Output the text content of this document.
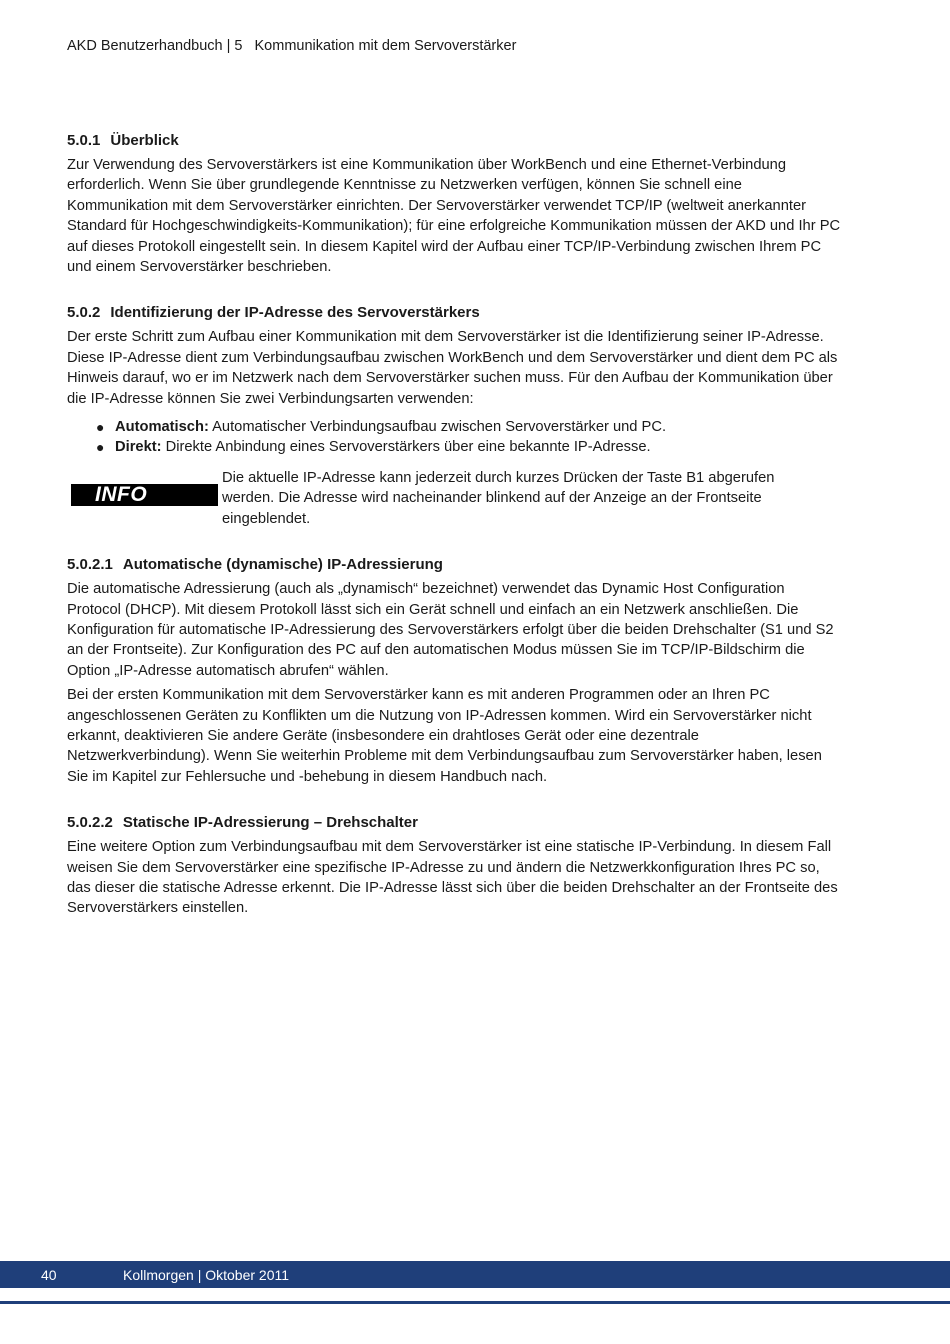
AKD Benutzerhandbuch | 5   Kommunikation mit dem Servoverstärker
5.0.1 Überblick

Zur Verwendung des Servoverstärkers ist eine Kommunikation über WorkBench und eine Ethernet-Verbindung erforderlich. Wenn Sie über grundlegende Kenntnisse zu Netzwerken verfügen, können Sie schnell eine Kommunikation mit dem Servoverstärker einrichten. Der Servoverstärker verwendet TCP/IP (weltweit anerkannter Standard für Hochgeschwindigkeits-Kommunikation); für eine erfolgreiche Kommunikation müssen der AKD und Ihr PC auf dieses Protokoll eingestellt sein. In diesem Kapitel wird der Aufbau einer TCP/IP-Verbindung zwischen Ihrem PC und einem Servoverstärker beschrieben.

5.0.2 Identifizierung der IP-Adresse des Servoverstärkers

Der erste Schritt zum Aufbau einer Kommunikation mit dem Servoverstärker ist die Identifizierung seiner IP-Adresse. Diese IP-Adresse dient zum Verbindungsaufbau zwischen WorkBench und dem Servoverstärker und dient dem PC als Hinweis darauf, wo er im Netzwerk nach dem Servoverstärker suchen muss. Für den Aufbau der Kommunikation über die IP-Adresse können Sie zwei Verbindungsarten verwenden:

● Automatisch: Automatischer Verbindungsaufbau zwischen Servoverstärker und PC.
● Direkt: Direkte Anbindung eines Servoverstärkers über eine bekannte IP-Adresse.
INFO
Die aktuelle IP-Adresse kann jederzeit durch kurzes Drücken der Taste B1 abgerufen werden. Die Adresse wird nacheinander blinkend auf der Anzeige an der Frontseite eingeblendet.
5.0.2.1 Automatische (dynamische) IP-Adressierung

Die automatische Adressierung (auch als „dynamisch“ bezeichnet) verwendet das Dynamic Host Configuration Protocol (DHCP). Mit diesem Protokoll lässt sich ein Gerät schnell und einfach an ein Netzwerk anschließen. Die Konfiguration für automatische IP-Adressierung des Servoverstärkers erfolgt über die beiden Drehschalter (S1 und S2 an der Frontseite). Zur Konfiguration des PC auf den automatischen Modus müssen Sie im TCP/IP-Bildschirm die Option „IP-Adresse automatisch abrufen“ wählen.

Bei der ersten Kommunikation mit dem Servoverstärker kann es mit anderen Programmen oder an Ihren PC angeschlossenen Geräten zu Konflikten um die Nutzung von IP-Adressen kommen. Wird ein Servoverstärker nicht erkannt, deaktivieren Sie andere Geräte (insbesondere ein drahtloses Gerät oder eine dezentrale Netzwerkverbindung). Wenn Sie weiterhin Probleme mit dem Verbindungsaufbau zum Servoverstärker haben, lesen Sie im Kapitel zur Fehlersuche und -behebung in diesem Handbuch nach.

5.0.2.2 Statische IP-Adressierung – Drehschalter

Eine weitere Option zum Verbindungsaufbau mit dem Servoverstärker ist eine statische IP-Verbindung. In diesem Fall weisen Sie dem Servoverstärker eine spezifische IP-Adresse zu und ändern die Netzwerkkonfiguration Ihres PC so, das dieser die statische Adresse erkennt. Die IP-Adresse lässt sich über die beiden Drehschalter an der Frontseite des Servoverstärkers einstellen.

40	Kollmorgen | Oktober 2011
